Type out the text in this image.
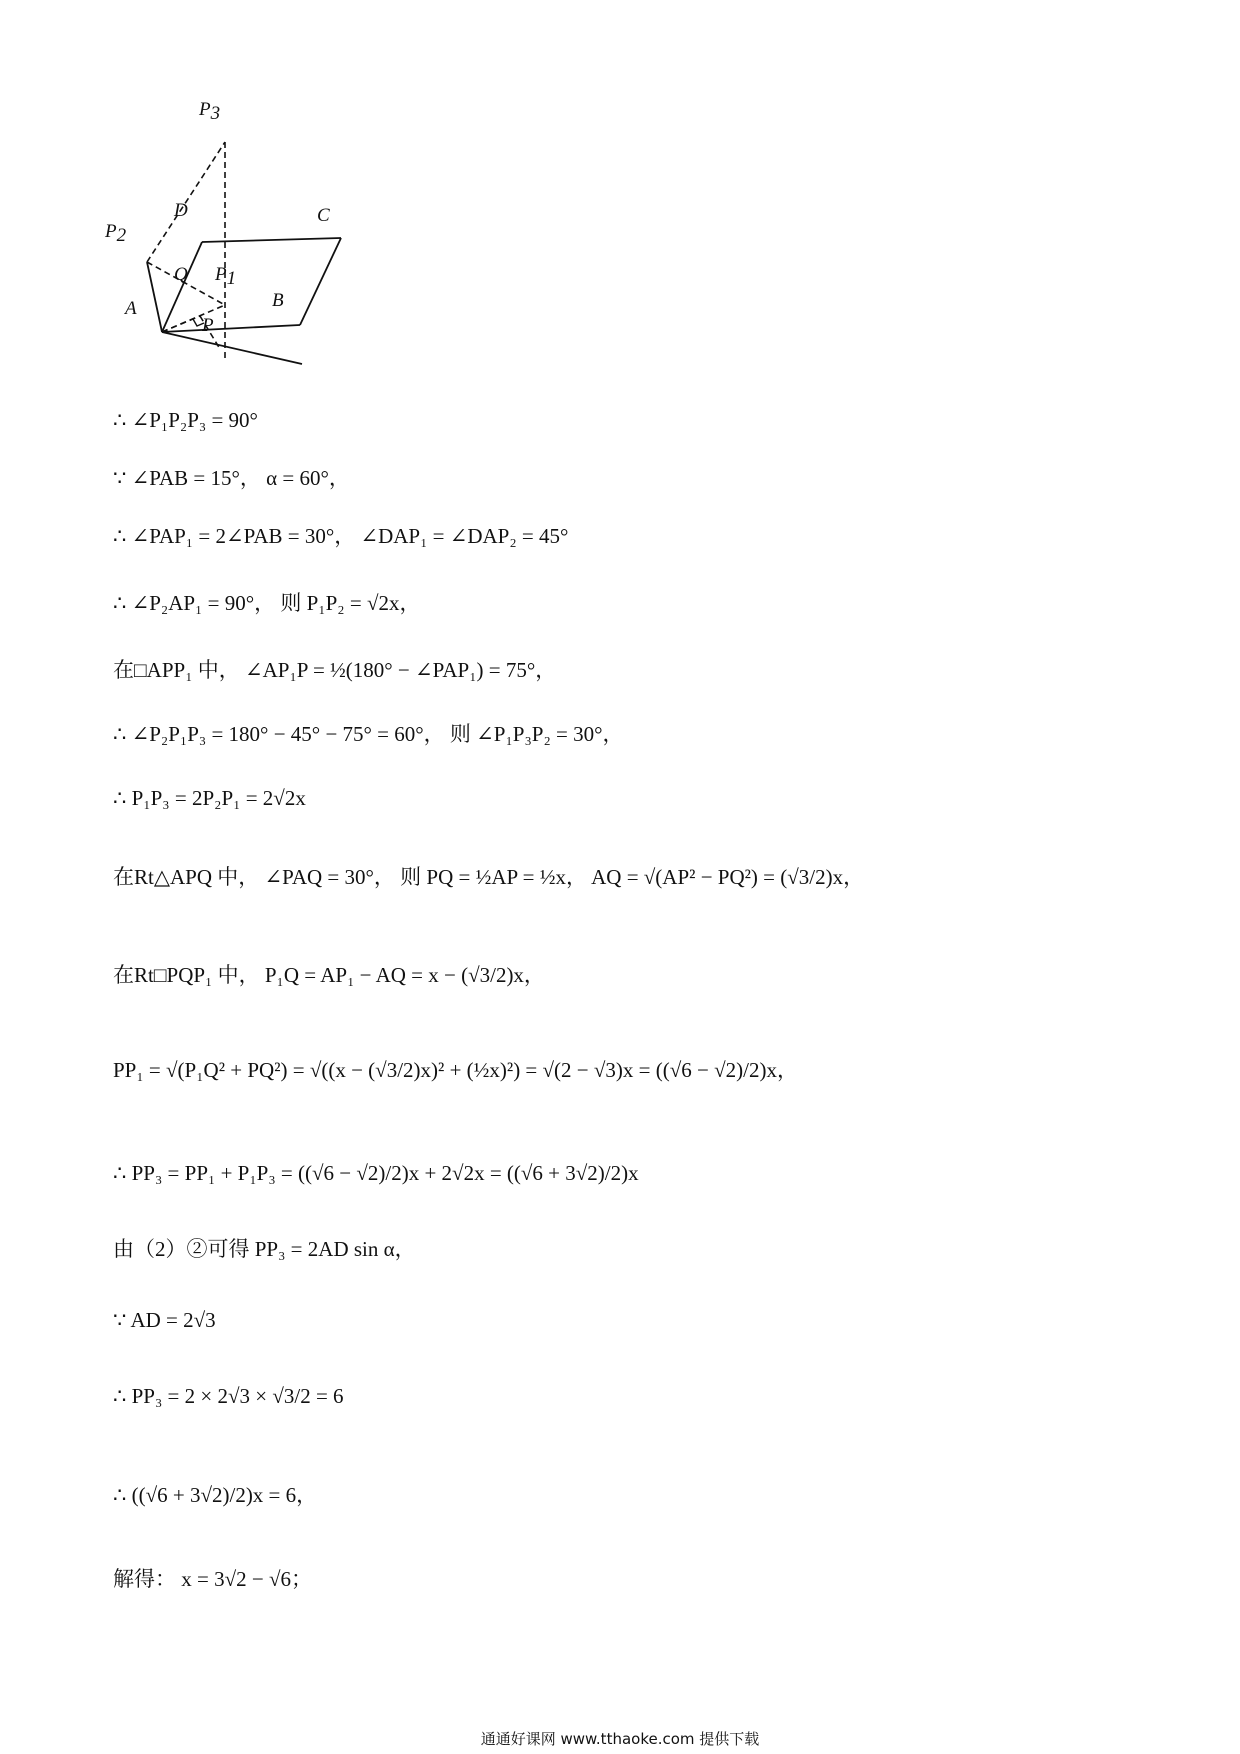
P3
P2
D	C
Q P1
B
A
P
∴ ∠P₁P₂P₃ = 90°
∵ ∠PAB = 15°， α = 60°，
∴ ∠PAP₁ = 2∠PAB = 30°， ∠DAP₁ = ∠DAP₂ = 45°
∴ ∠P₂AP₁ = 90°， 则 P₁P₂ = √2x，
在□APP₁ 中， ∠AP₁P = ½(180° − ∠PAP₁) = 75°，
∴ ∠P₂P₁P₃ = 180° − 45° − 75° = 60°， 则 ∠P₁P₃P₂ = 30°，
∴ P₁P₃ = 2P₂P₁ = 2√2x
在Rt△APQ 中， ∠PAQ = 30°， 则 PQ = ½AP = ½x， AQ = √(AP² − PQ²) = (√3/2)x，
在Rt□PQP₁ 中， P₁Q = AP₁ − AQ = x − (√3/2)x，
PP₁ = √(P₁Q² + PQ²) = √((x − (√3/2)x)² + (½x)²) = √(2 − √3)x = ((√6 − √2)/2)x，
∴ PP₃ = PP₁ + P₁P₃ = ((√6 − √2)/2)x + 2√2x = ((√6 + 3√2)/2)x
由（2）②可得 PP₃ = 2AD sin α，
∵ AD = 2√3
∴ PP₃ = 2 × 2√3 × √3/2 = 6
∴ ((√6 + 3√2)/2)x = 6，
解得： x = 3√2 − √6；
通通好课网 www.tthaoke.com 提供下载
